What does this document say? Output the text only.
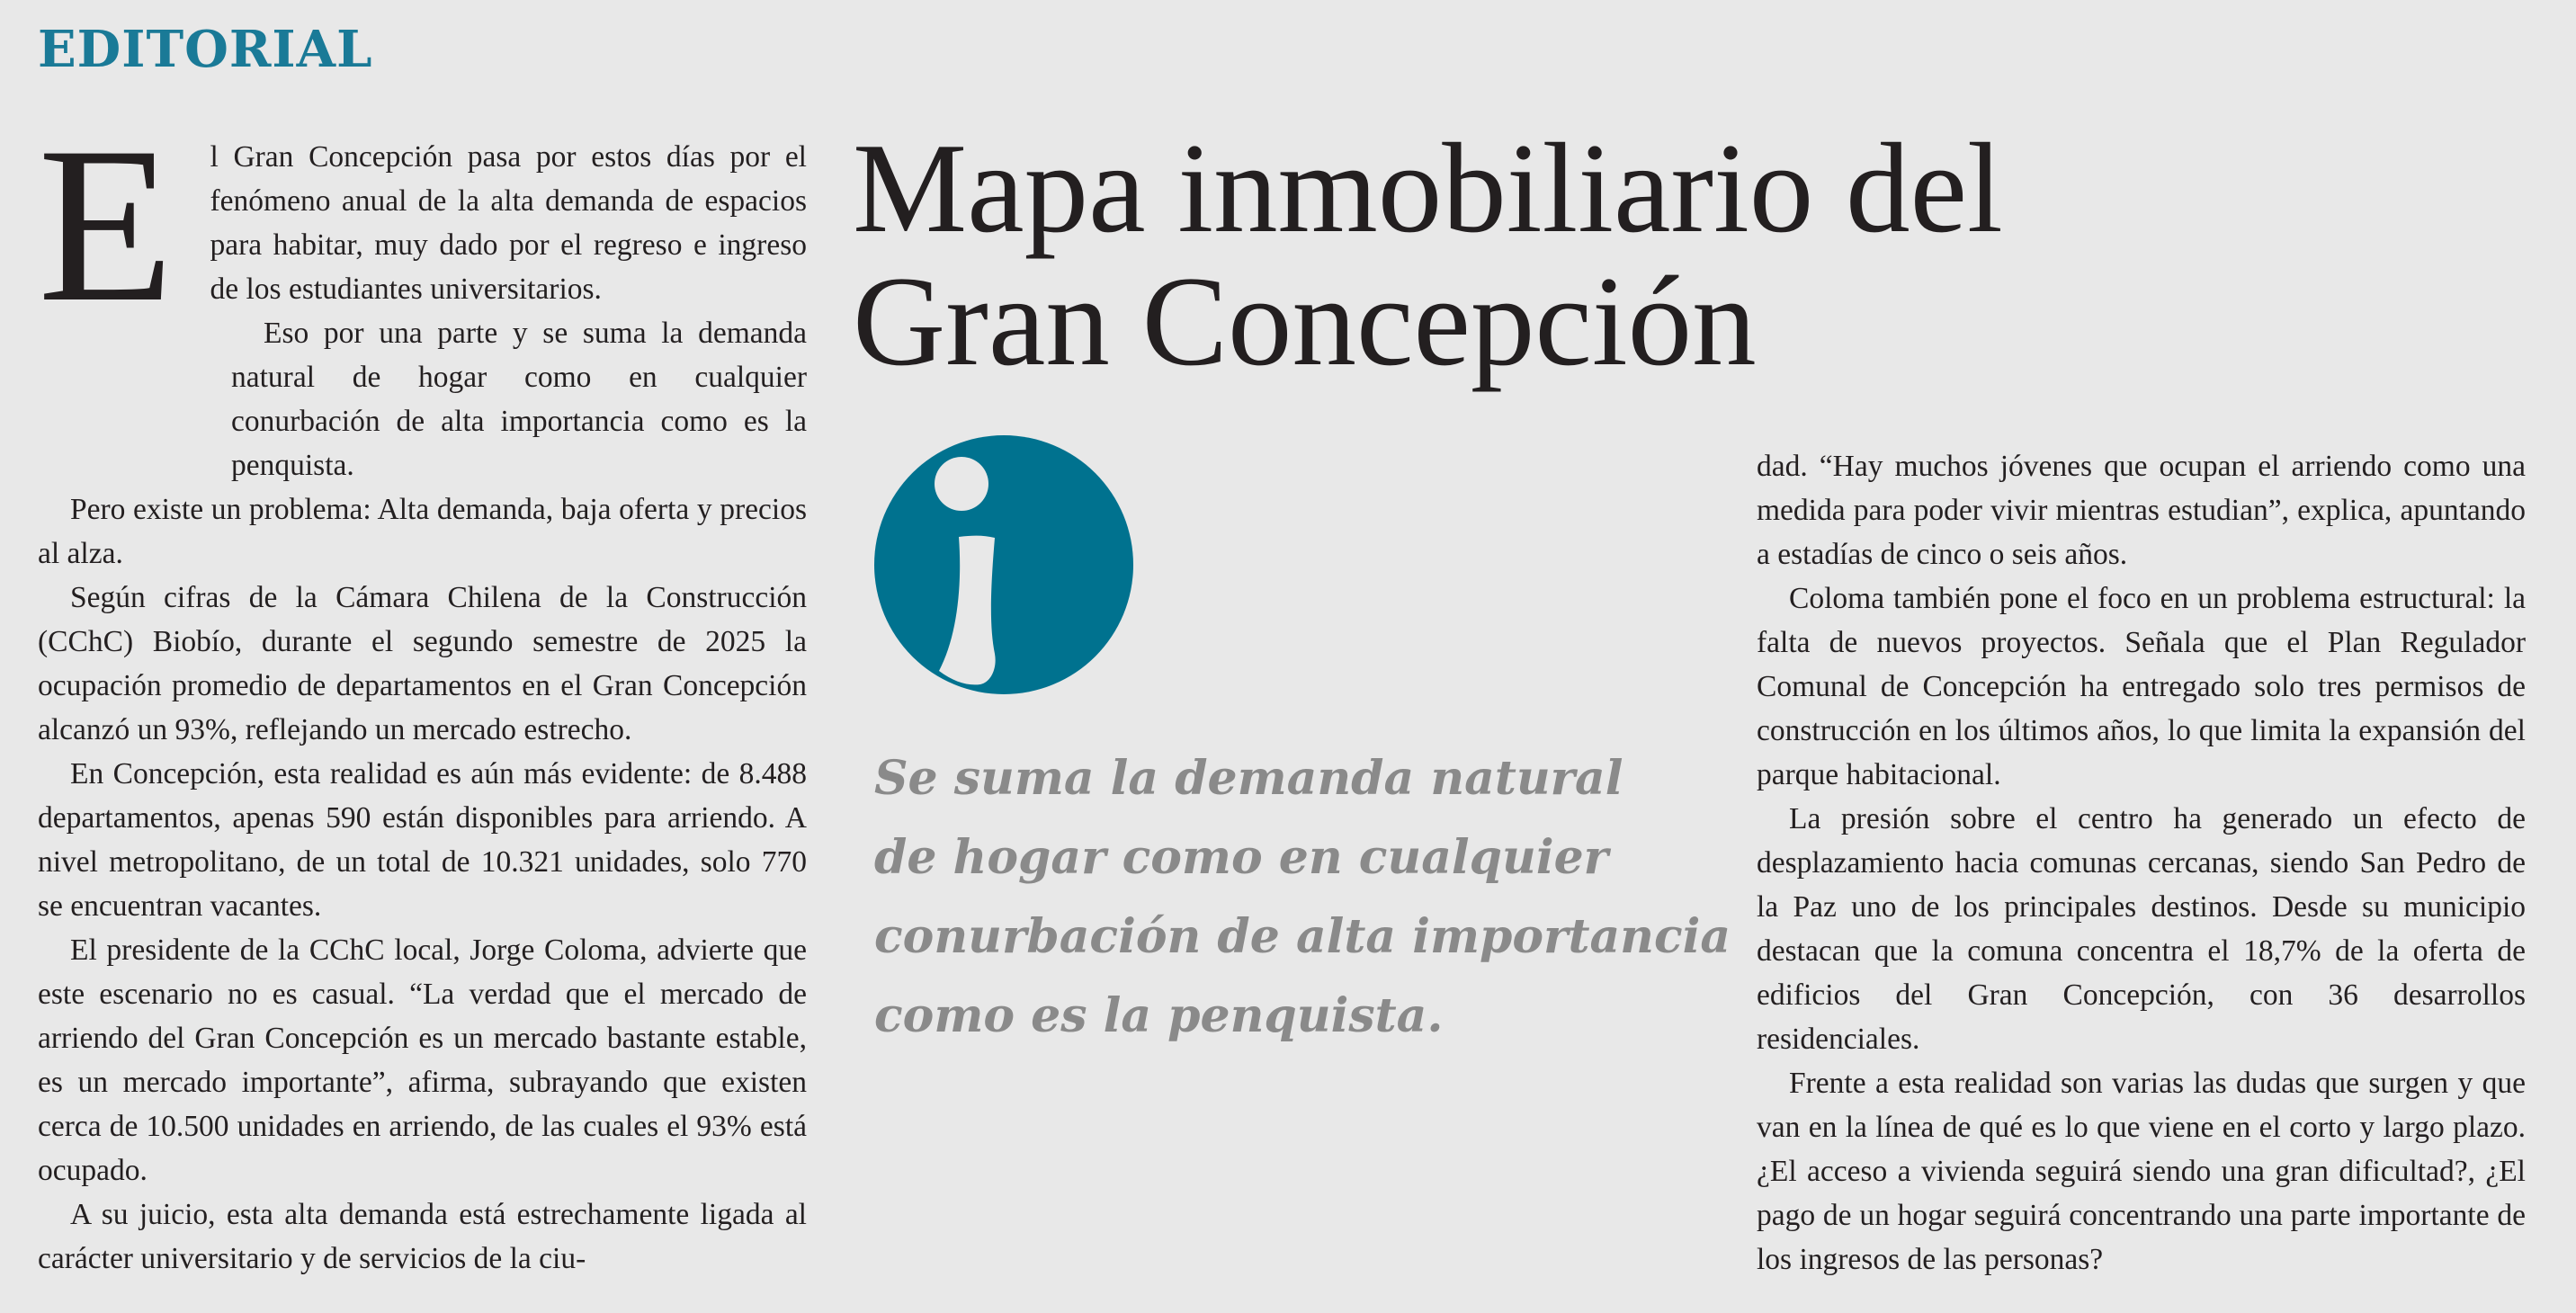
EDITORIAL
E	l Gran Concepción pasa por estos días por el fenómeno anual de la alta demanda de espacios para habitar, muy dado por el regreso e ingreso de los estudiantes universitarios.

Eso por una parte y se suma la demanda natural de hogar como en cualquier conurbación de alta importancia como es la penquista.

Pero existe un problema: Alta demanda, baja oferta y precios al alza.

Según cifras de la Cámara Chilena de la Construcción (CChC) Biobío, durante el segundo semestre de 2025 la ocupación promedio de departamentos en el Gran Concepción alcanzó un 93%, reflejando un mercado estrecho.

En Concepción, esta realidad es aún más evidente: de 8.488 departamentos, apenas 590 están disponibles para arriendo. A nivel metropolitano, de un total de 10.321 unidades, solo 770 se encuentran vacantes.

El presidente de la CChC local, Jorge Coloma, advierte que este escenario no es casual. “La verdad que el mercado de arriendo del Gran Concepción es un mercado bastante estable, es un mercado importante”, afirma, subrayando que existen cerca de 10.500 unidades en arriendo, de las cuales el 93% está ocupado.

A su juicio, esta alta demanda está estrechamente ligada al carácter universitario y de servicios de la ciu-

Mapa inmobiliario del
Gran Concepción
Se suma la demanda natural
de hogar como en cualquier
conurbación de alta importancia
como es la penquista.

dad. “Hay muchos jóvenes que ocupan el arriendo como una medida para poder vivir mientras estudian”, explica, apuntando a estadías de cinco o seis años.

Coloma también pone el foco en un problema estructural: la falta de nuevos proyectos. Señala que el Plan Regulador Comunal de Concepción ha entregado solo tres permisos de construcción en los últimos años, lo que limita la expansión del parque habitacional.

La presión sobre el centro ha generado un efecto de desplazamiento hacia comunas cercanas, siendo San Pedro de la Paz uno de los principales destinos. Desde su municipio destacan que la comuna concentra el 18,7% de la oferta de edificios del Gran Concepción, con 36 desarrollos residenciales.

Frente a esta realidad son varias las dudas que surgen y que van en la línea de qué es lo que viene en el corto y largo plazo. ¿El acceso a vivienda seguirá siendo una gran dificultad?, ¿El pago de un hogar seguirá concentrando una parte importante de los ingresos de las personas?
